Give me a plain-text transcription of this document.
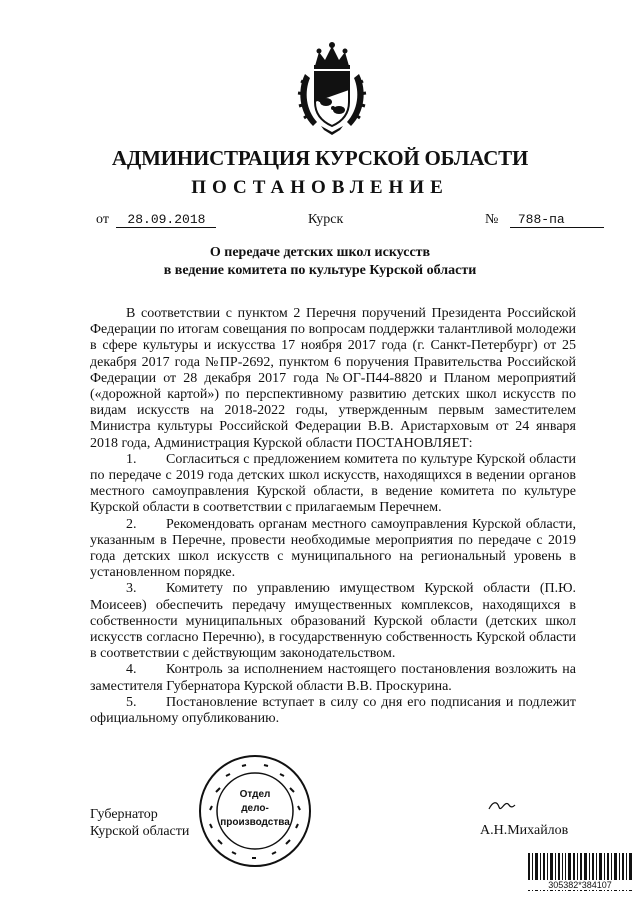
АДМИНИСТРАЦИЯ КУРСКОЙ ОБЛАСТИ
ПОСТАНОВЛЕНИЕ
от 28.09.2018	Курск	№ 788-па
О передаче детских школ искусств
в ведение комитета по культуре Курской области

В соответствии с пунктом 2 Перечня поручений Президента Российской Федерации по итогам совещания по вопросам поддержки талантливой молодежи в сфере культуры и искусства 17 ноября 2017 года (г. Санкт-Петербург) от 25 декабря 2017 года №ПР-2692, пунктом 6 поручения Правительства Российской Федерации от 28 декабря 2017 года №ОГ-П44-8820 и Планом мероприятий («дорожной картой») по перспективному развитию детских школ искусств по видам искусств на 2018-2022 годы, утвержденным первым заместителем Министра культуры Российской Федерации В.В. Аристарховым от 24 января 2018 года, Администрация Курской области ПОСТАНОВЛЯЕТ:

1. Согласиться с предложением комитета по культуре Курской области по передаче с 2019 года детских школ искусств, находящихся в ведении органов местного самоуправления Курской области, в ведение комитета по культуре Курской области в соответствии с прилагаемым Перечнем.

2. Рекомендовать органам местного самоуправления Курской области, указанным в Перечне, провести необходимые мероприятия по передаче с 2019 года детских школ искусств с муниципального на региональный уровень в установленном порядке.

3. Комитету по управлению имуществом Курской области (П.Ю. Моисеев) обеспечить передачу имущественных комплексов, находящихся в собственности муниципальных образований Курской области (детских школ искусств согласно Перечню), в государственную собственность Курской области в соответствии с действующим законодательством.

4. Контроль за исполнением настоящего постановления возложить на заместителя Губернатора Курской области В.В. Проскурина.

5. Постановление вступает в силу со дня его подписания и подлежит официальному опубликованию.

Отдел
дело-
производства
Губернатор
Курской области	А.Н.Михайлов
305382*384107
